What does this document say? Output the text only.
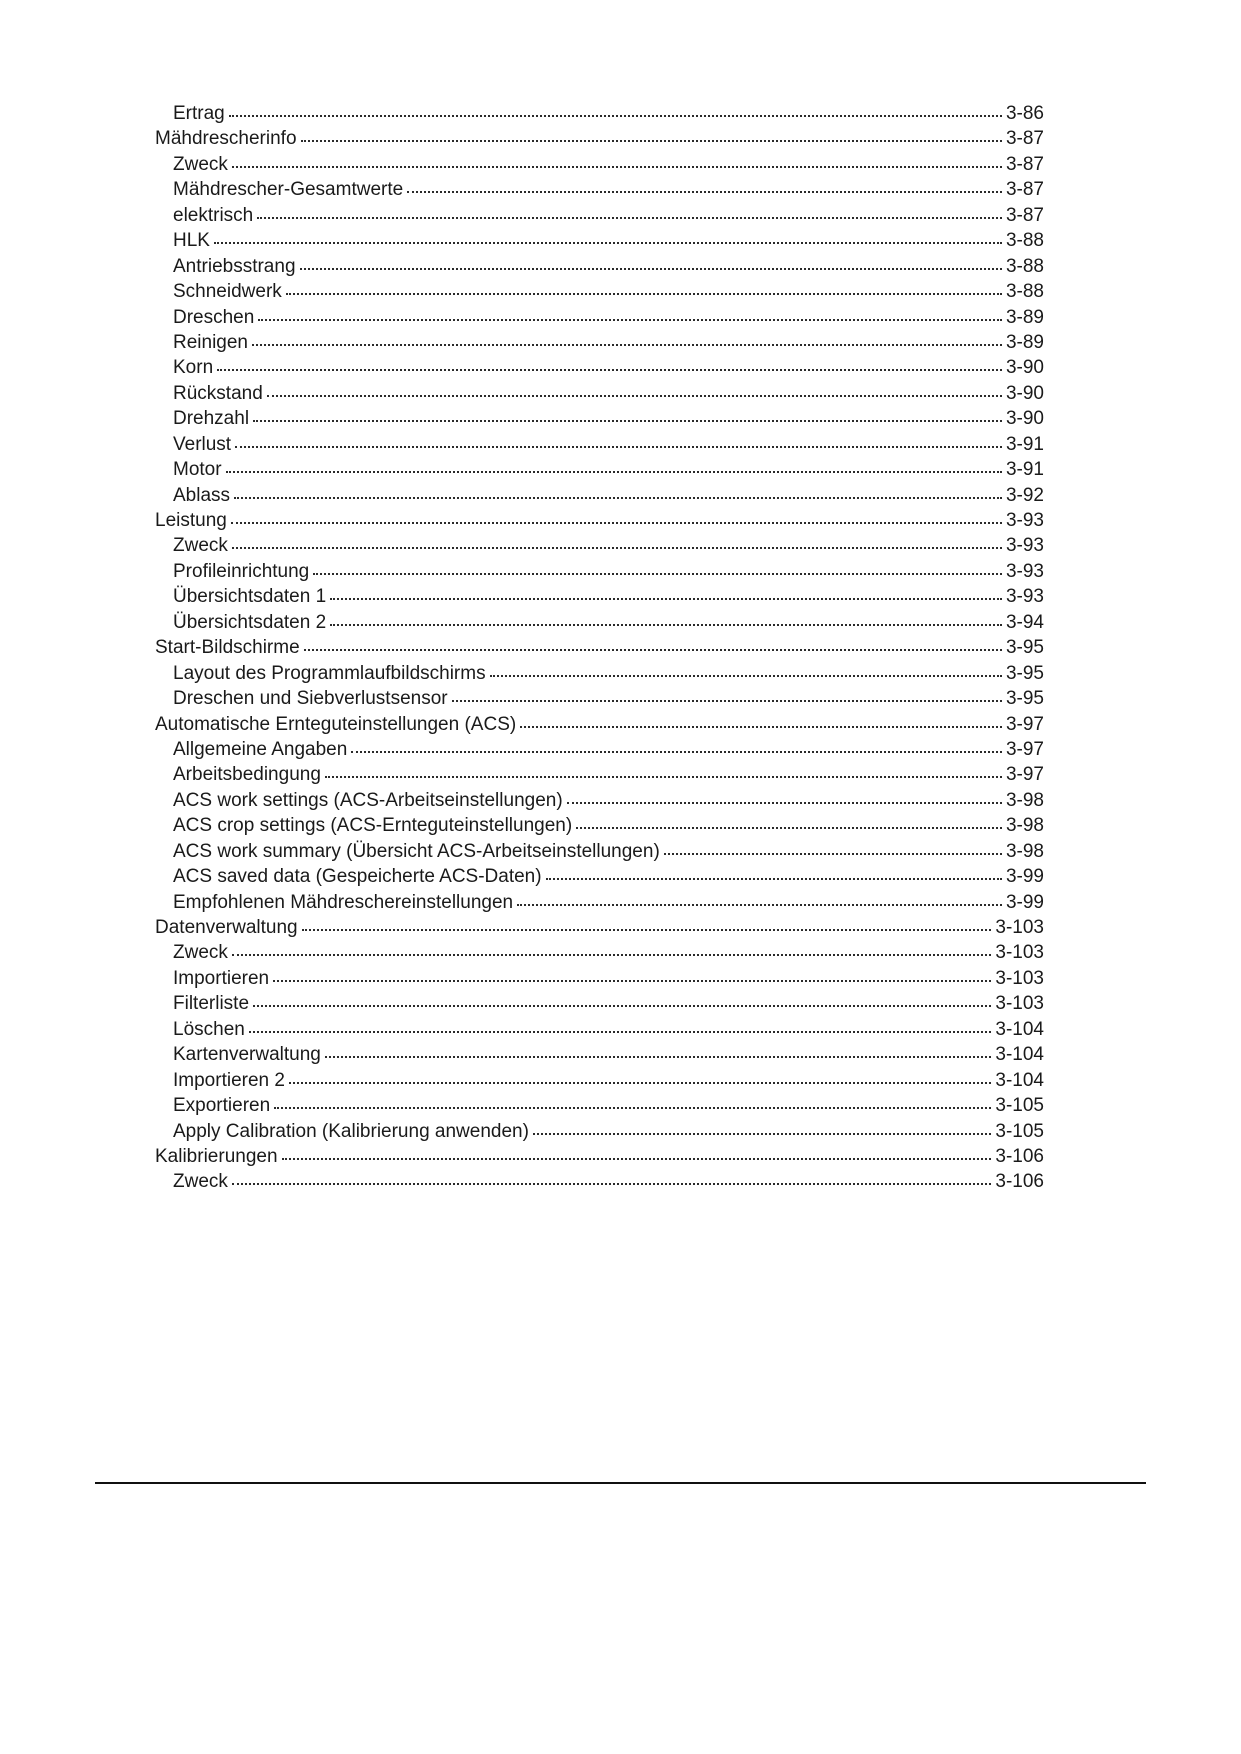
Ertrag	3-86
Mähdrescherinfo	3-87
Zweck	3-87
Mähdrescher-Gesamtwerte	3-87
elektrisch	3-87
HLK	3-88
Antriebsstrang	3-88
Schneidwerk	3-88
Dreschen	3-89
Reinigen	3-89
Korn	3-90
Rückstand	3-90
Drehzahl	3-90
Verlust	3-91
Motor	3-91
Ablass	3-92
Leistung	3-93
Zweck	3-93
Profileinrichtung	3-93
Übersichtsdaten 1	3-93
Übersichtsdaten 2	3-94
Start-Bildschirme	3-95
Layout des Programmlaufbildschirms	3-95
Dreschen und Siebverlustsensor	3-95
Automatische Ernteguteinstellungen (ACS)	3-97
Allgemeine Angaben	3-97
Arbeitsbedingung	3-97
ACS work settings (ACS-Arbeitseinstellungen)	3-98
ACS crop settings (ACS-Ernteguteinstellungen)	3-98
ACS work summary (Übersicht ACS-Arbeitseinstellungen)	3-98
ACS saved data (Gespeicherte ACS-Daten)	3-99
Empfohlenen Mähdreschereinstellungen	3-99
Datenverwaltung	3-103
Zweck	3-103
Importieren	3-103
Filterliste	3-103
Löschen	3-104
Kartenverwaltung	3-104
Importieren 2	3-104
Exportieren	3-105
Apply Calibration (Kalibrierung anwenden)	3-105
Kalibrierungen	3-106
Zweck	3-106
